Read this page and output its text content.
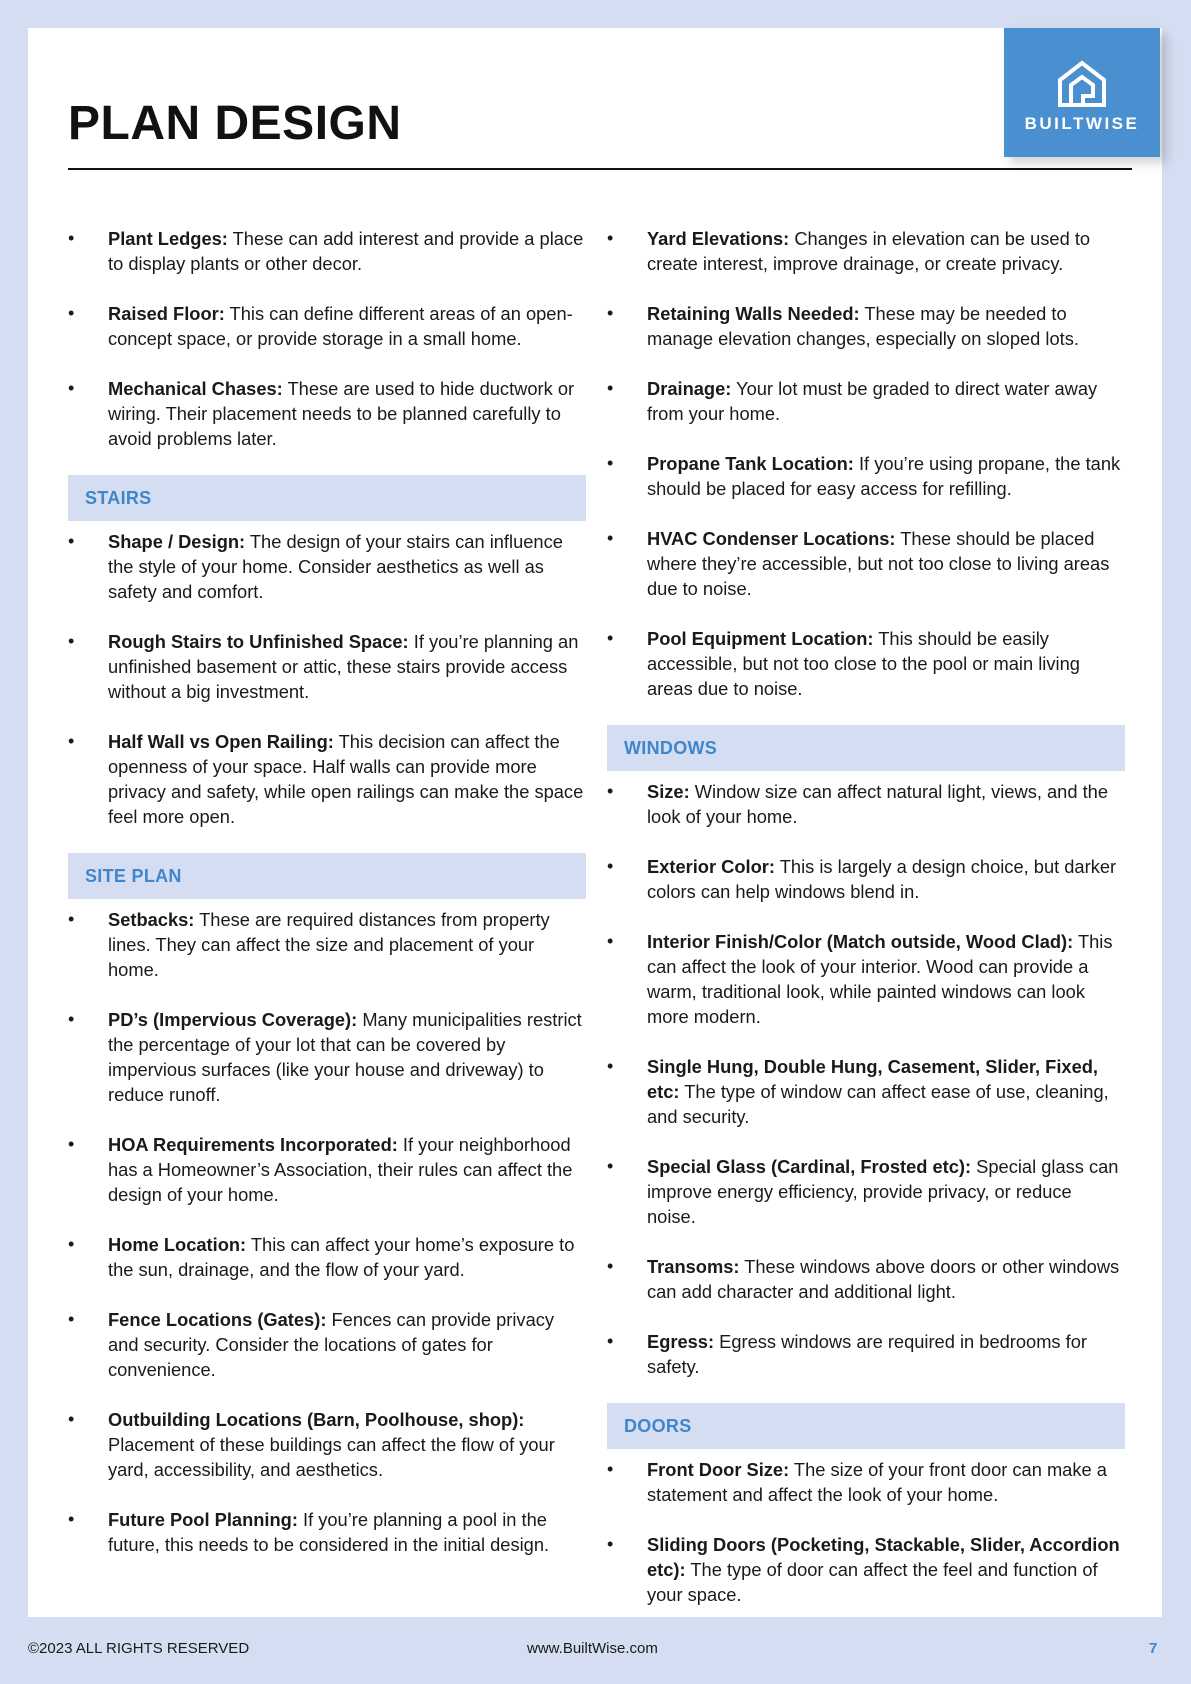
BUILTWISE
PLAN DESIGN
• Plant Ledges: These can add interest and provide a place to display plants or other decor.
• Raised Floor: This can define different areas of an open-concept space, or provide storage in a small home.
• Mechanical Chases: These are used to hide ductwork or wiring. Their placement needs to be planned carefully to avoid problems later.
STAIRS
• Shape / Design: The design of your stairs can influence the style of your home. Consider aesthetics as well as safety and comfort.
• Rough Stairs to Unfinished Space: If you’re planning an unfinished basement or attic, these stairs provide access without a big investment.
• Half Wall vs Open Railing: This decision can affect the openness of your space. Half walls can provide more privacy and safety, while open railings can make the space feel more open.
SITE PLAN
• Setbacks: These are required distances from property lines. They can affect the size and placement of your home.
• PD’s (Impervious Coverage): Many municipalities restrict the percentage of your lot that can be covered by impervious surfaces (like your house and driveway) to reduce runoff.
• HOA Requirements Incorporated: If your neighborhood has a Homeowner’s Association, their rules can affect the design of your home.
• Home Location: This can affect your home’s exposure to the sun, drainage, and the flow of your yard.
• Fence Locations (Gates): Fences can provide privacy and security. Consider the locations of gates for convenience.
• Outbuilding Locations (Barn, Poolhouse, shop): Placement of these buildings can affect the flow of your yard, accessibility, and aesthetics.
• Future Pool Planning: If you’re planning a pool in the future, this needs to be considered in the initial design.
• Yard Elevations: Changes in elevation can be used to create interest, improve drainage, or create privacy.
• Retaining Walls Needed: These may be needed to manage elevation changes, especially on sloped lots.
• Drainage: Your lot must be graded to direct water away from your home.
• Propane Tank Location: If you’re using propane, the tank should be placed for easy access for refilling.
• HVAC Condenser Locations: These should be placed where they’re accessible, but not too close to living areas due to noise.
• Pool Equipment Location: This should be easily accessible, but not too close to the pool or main living areas due to noise.
WINDOWS
• Size: Window size can affect natural light, views, and the look of your home.
• Exterior Color: This is largely a design choice, but darker colors can help windows blend in.
• Interior Finish/Color (Match outside, Wood Clad): This can affect the look of your interior. Wood can provide a warm, traditional look, while painted windows can look more modern.
• Single Hung, Double Hung, Casement, Slider, Fixed, etc: The type of window can affect ease of use, cleaning, and security.
• Special Glass (Cardinal, Frosted etc): Special glass can improve energy efficiency, provide privacy, or reduce noise.
• Transoms: These windows above doors or other windows can add character and additional light.
• Egress: Egress windows are required in bedrooms for safety.
DOORS
• Front Door Size: The size of your front door can make a statement and affect the look of your home.
• Sliding Doors (Pocketing, Stackable, Slider, Accordion etc): The type of door can affect the feel and function of your space.
©2023 ALL RIGHTS RESERVED	www.BuiltWise.com	7
